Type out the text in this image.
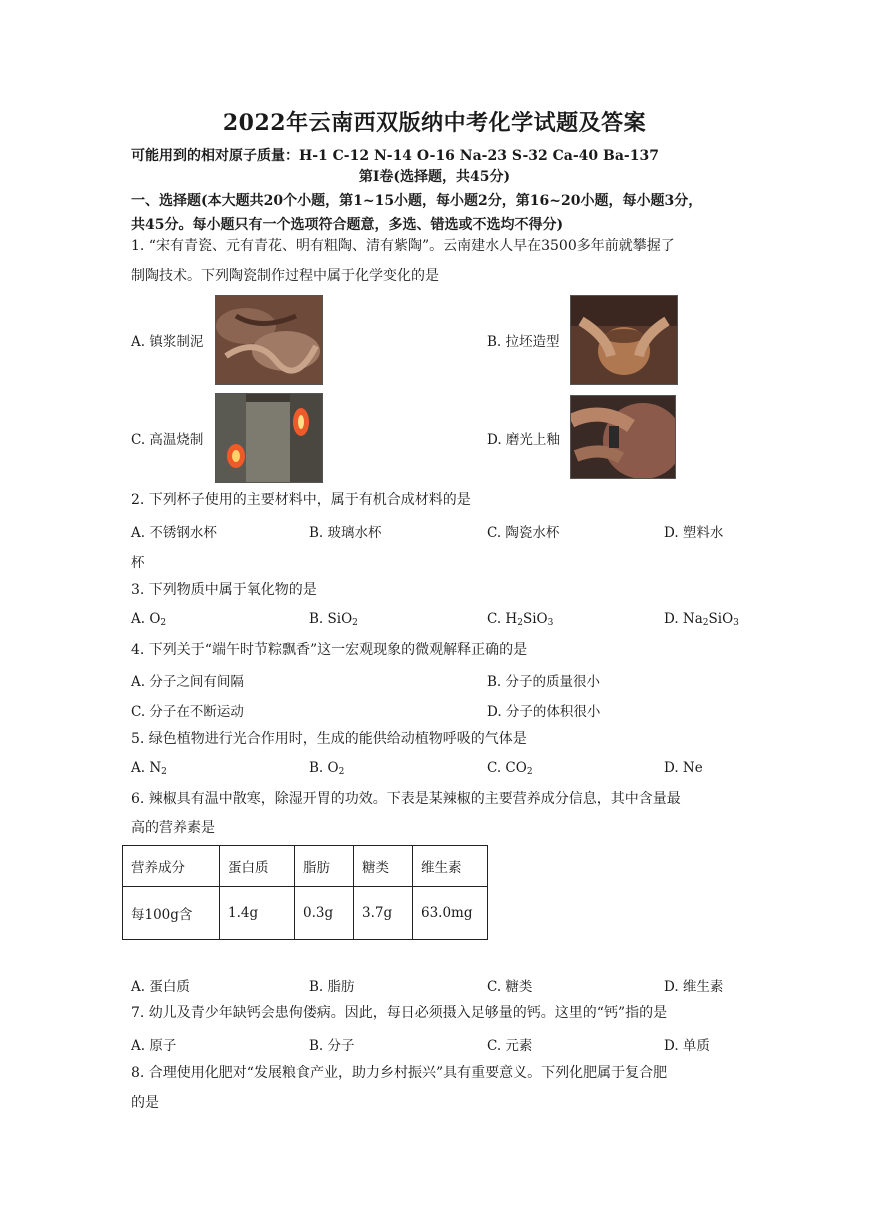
2022年云南西双版纳中考化学试题及答案
可能用到的相对原子质量：H-1 C-12 N-14 O-16 Na-23 S-32 Ca-40 Ba-137
第Ⅰ卷(选择题，共45分)
一、选择题(本大题共20个小题，第1~15小题，每小题2分，第16~20小题，每小题3分，
共45分。每小题只有一个选项符合题意，多选、错选或不选均不得分)
1. “宋有青瓷、元有青花、明有粗陶、清有紫陶”。云南建水人早在3500多年前就攀握了
制陶技术。下列陶瓷制作过程中属于化学变化的是
A. 镇浆制泥	B. 拉坯造型
C. 高温烧制	D. 磨光上釉
2. 下列杯子使用的主要材料中，属于有机合成材料的是
A. 不锈钢水杯	B. 玻璃水杯	C. 陶瓷水杯	D. 塑料水
杯
3. 下列物质中属于氧化物的是
A. $O_2$	B. SiO$_2$	C. $H_2SiO_3$	D. $Na_2SiO_3$
4. 下列关于“端午时节粽飘香”这一宏观现象的微观解释正确的是
A. 分子之间有间隔	B. 分子的质量很小
C. 分子在不断运动	D. 分子的体积很小
5. 绿色植物进行光合作用时，生成的能供给动植物呼吸的气体是
A. $N_2$	B. $O_2$	C. $CO_2$	D. Ne
6. 辣椒具有温中散寒，除湿开胃的功效。下表是某辣椒的主要营养成分信息，其中含量最
高的营养素是
营养成分	蛋白质	脂肪	糖类	维生素
每100g含	1.4g	0.3g	3.7g	63.0mg
A. 蛋白质	B. 脂肪	C. 糖类	D. 维生素
7. 幼儿及青少年缺钙会患佝偻病。因此，每日必须摄入足够量的钙。这里的“钙”指的是
A. 原子	B. 分子	C. 元素	D. 单质
8. 合理使用化肥对“发展粮食产业，助力乡村振兴”具有重要意义。下列化肥属于复合肥
的是
